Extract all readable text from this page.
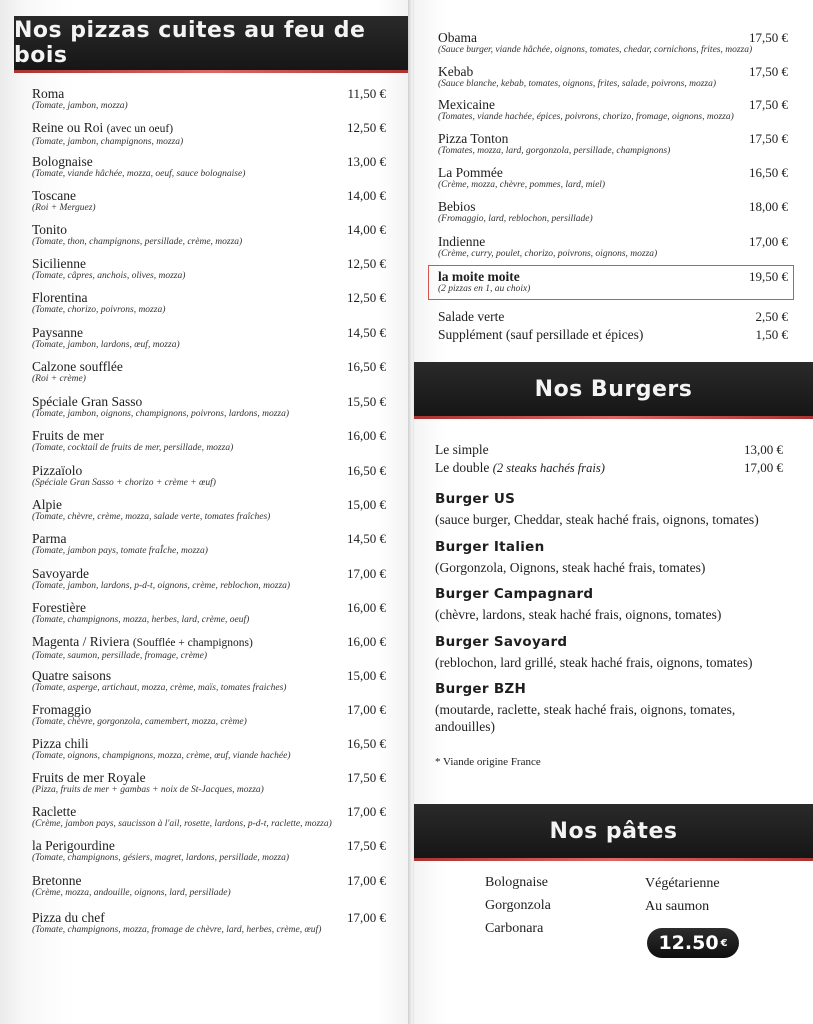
Roma
(Tomate, jambon, mozza)
11,50 €
Reine ou Roi (avec un oeuf)
(Tomate, jambon, champignons, mozza)
12,50 €
Bolognaise
(Tomate, viande hâchée, mozza, oeuf, sauce bolognaise)
13,00 €
Toscane
(Roi + Merguez)
14,00 €
Tonito
(Tomate, thon, champignons, persillade, crème, mozza)
14,00 €
Sicilienne
(Tomate, câpres, anchois, olives, mozza)
12,50 €
Florentina
(Tomate, chorizo, poivrons, mozza)
12,50 €
Paysanne
(Tomate, jambon, lardons, œuf, mozza)
14,50 €
Calzone soufflée
(Roi + crème)
16,50 €
Spéciale Gran Sasso
(Tomate, jambon, oignons, champignons, poivrons, lardons, mozza)
15,50 €
Fruits de mer
(Tomate, cocktail de fruits de mer, persillade, mozza)
16,00 €
Pizzaïolo
(Spéciale Gran Sasso + chorizo + crème + œuf)
16,50 €
Alpie
(Tomate, chèvre, crème, mozza, salade verte, tomates fraîches)
15,00 €
Parma
(Tomate, jambon pays, tomate fraÎche, mozza)
14,50 €
Savoyarde
(Tomate, jambon, lardons, p-d-t, oignons, crème, reblochon, mozza)
17,00 €
Forestière
(Tomate, champignons, mozza, herbes, lard, crème, oeuf)
16,00 €
Magenta / Riviera (Soufflée + champignons)
(Tomate, saumon, persillade, fromage, crème)
16,00 €
Quatre saisons
(Tomate, asperge, artichaut, mozza, crème, maïs, tomates fraiches)
15,00 €
Fromaggio
(Tomate, chèvre, gorgonzola, camembert, mozza, crème)
17,00 €
Pizza chili
(Tomate, oignons, champignons, mozza, crème, œuf, viande hachée)
16,50 €
Fruits de mer Royale
(Pizza, fruits de mer + gambas + noix de St-Jacques, mozza)
17,50 €
Raclette
(Crème, jambon pays, saucisson à l'ail, rosette, lardons, p-d-t, raclette, mozza)
17,00 €
la Perigourdine
(Tomate, champignons, gésiers, magret, lardons, persillade, mozza)
17,50 €
Bretonne
(Crème, mozza, andouille, oignons, lard, persillade)
17,00 €
Pizza du chef
(Tomate, champignons, mozza, fromage de chèvre, lard, herbes, crème, œuf)
17,00 €
Nos pizzas cuites au feu de bois
Salade verte	2,50 €
Supplément (sauf persillade et épices)	1,50 €
Le simple	13,00 €
Le double (2 steaks hachés frais)	17,00 €
Burger US
(sauce burger, Cheddar, steak haché frais, oignons, tomates)
Burger Italien
(Gorgonzola, Oignons, steak haché frais, tomates)
Burger Campagnard
(chèvre, lardons, steak haché frais, oignons, tomates)
Burger Savoyard
(reblochon, lard grillé, steak haché frais, oignons, tomates)
Burger BZH
(moutarde, raclette, steak haché frais, oignons, tomates, andouilles)
* Viande origine France
Bolognaise
Gorgonzola
Carbonara
Végétarienne
Au saumon
12.50 €
Obama
(Sauce burger, viande hâchée, oignons, tomates, chedar, cornichons, frites, mozza)
17,50 €
Kebab
(Sauce blanche, kebab, tomates, oignons, frites, salade, poivrons, mozza)
17,50 €
Mexicaine
(Tomates, viande hachée, épices, poivrons, chorizo, fromage, oignons, mozza)
17,50 €
Pizza Tonton
(Tomates, mozza, lard, gorgonzola, persillade, champignons)
17,50 €
La Pommée
(Crème, mozza, chèvre, pommes, lard, miel)
16,50 €
Bebios
(Fromaggio, lard, reblochon, persillade)
18,00 €
Indienne
(Crème, curry, poulet, chorizo, poivrons, oignons, mozza)
17,00 €
la moite moite
(2 pizzas en 1, au choix)
19,50 €
Nos Burgers
Nos pâtes
